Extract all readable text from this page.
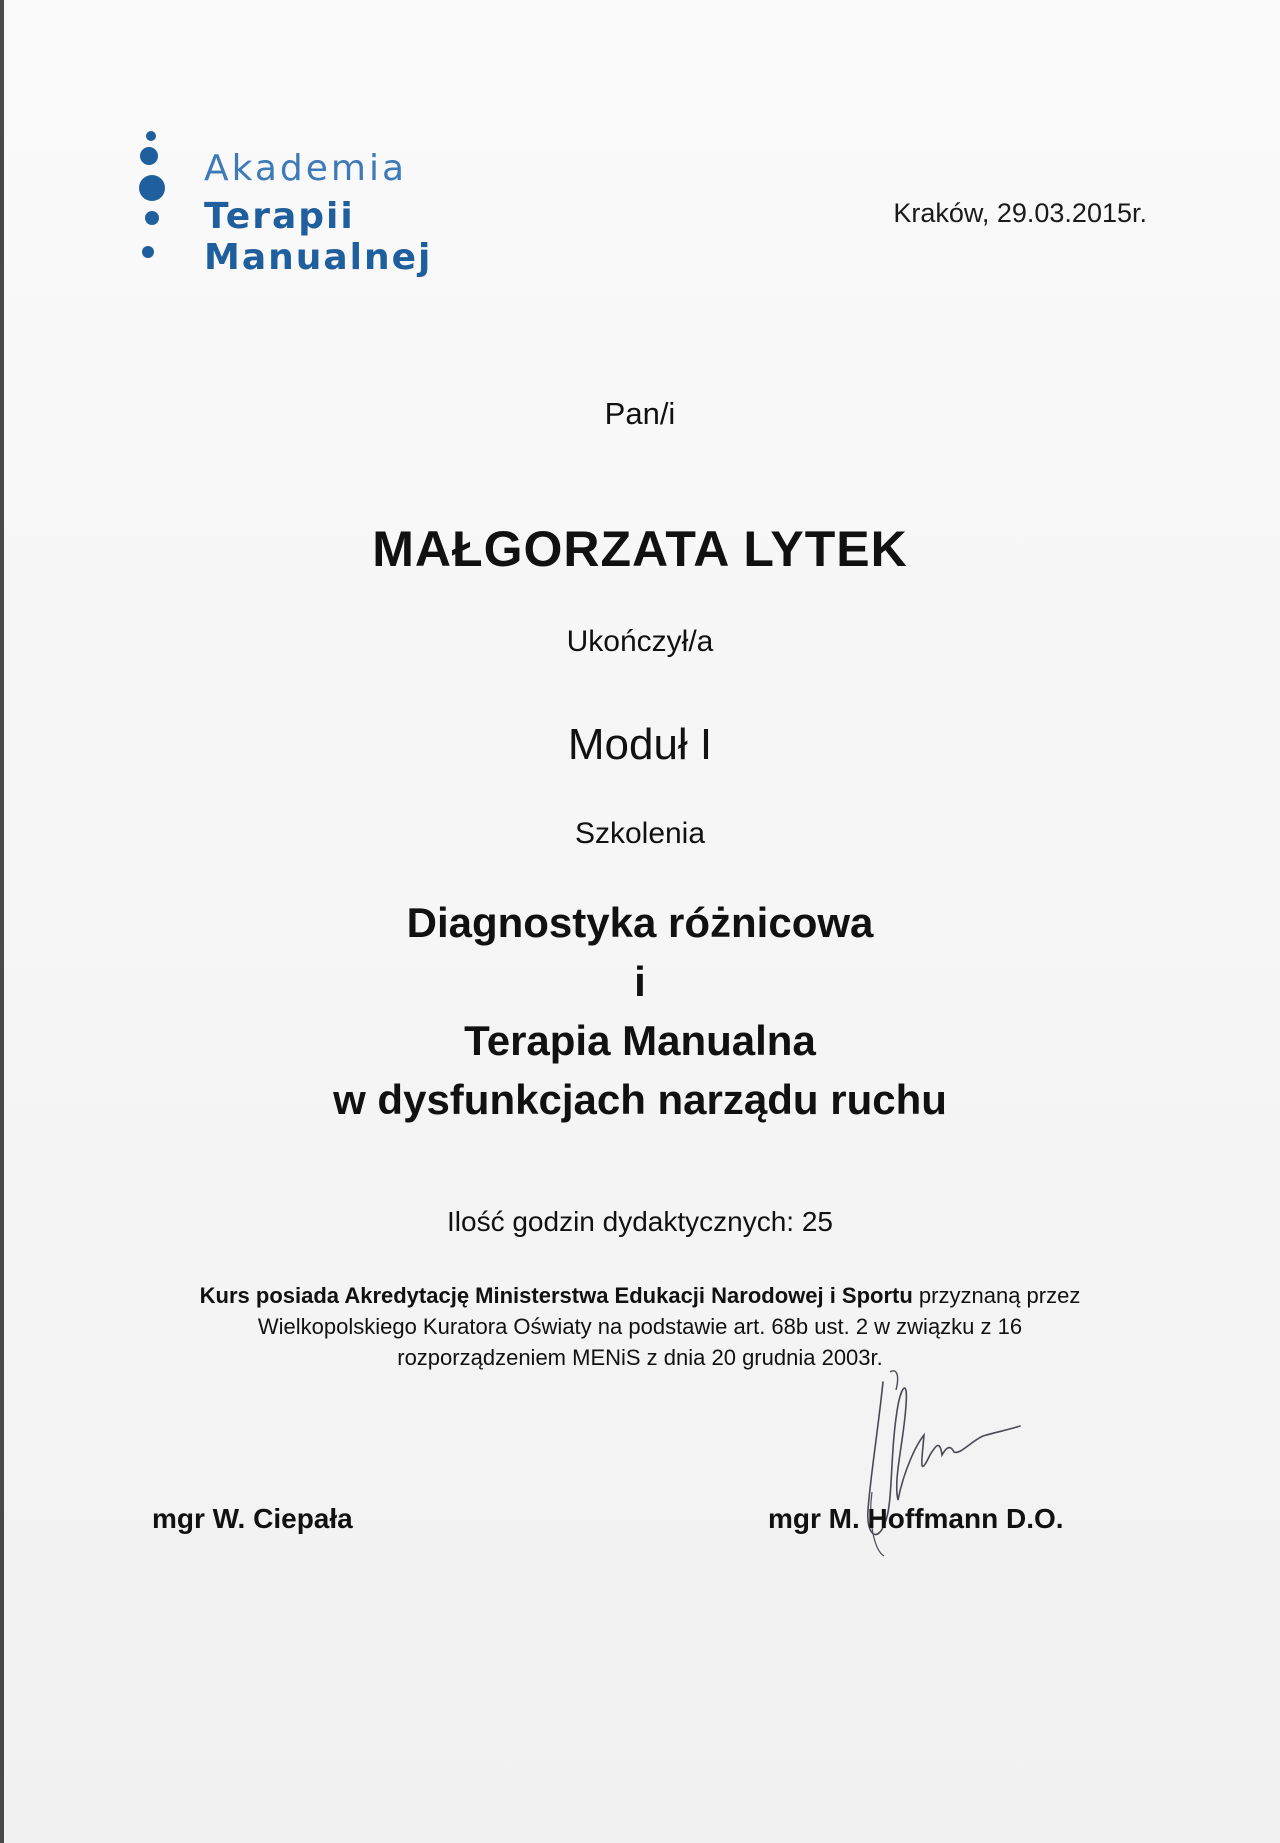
Akademia
Terapii Manualnej
Kraków, 29.03.2015r.
Pan/i
MAŁGORZATA LYTEK
Ukończył/a
Moduł I
Szkolenia
Diagnostyka różnicowa
i
Terapia Manualna
w dysfunkcjach narządu ruchu
Ilość godzin dydaktycznych: 25
Kurs posiada Akredytację Ministerstwa Edukacji Narodowej i Sportu przyznaną przez
Wielkopolskiego Kuratora Oświaty na podstawie art. 68b ust. 2 w związku z 16
rozporządzeniem MENiS z dnia 20 grudnia 2003r.
mgr W. Ciepała	mgr M. Hoffmann D.O.
